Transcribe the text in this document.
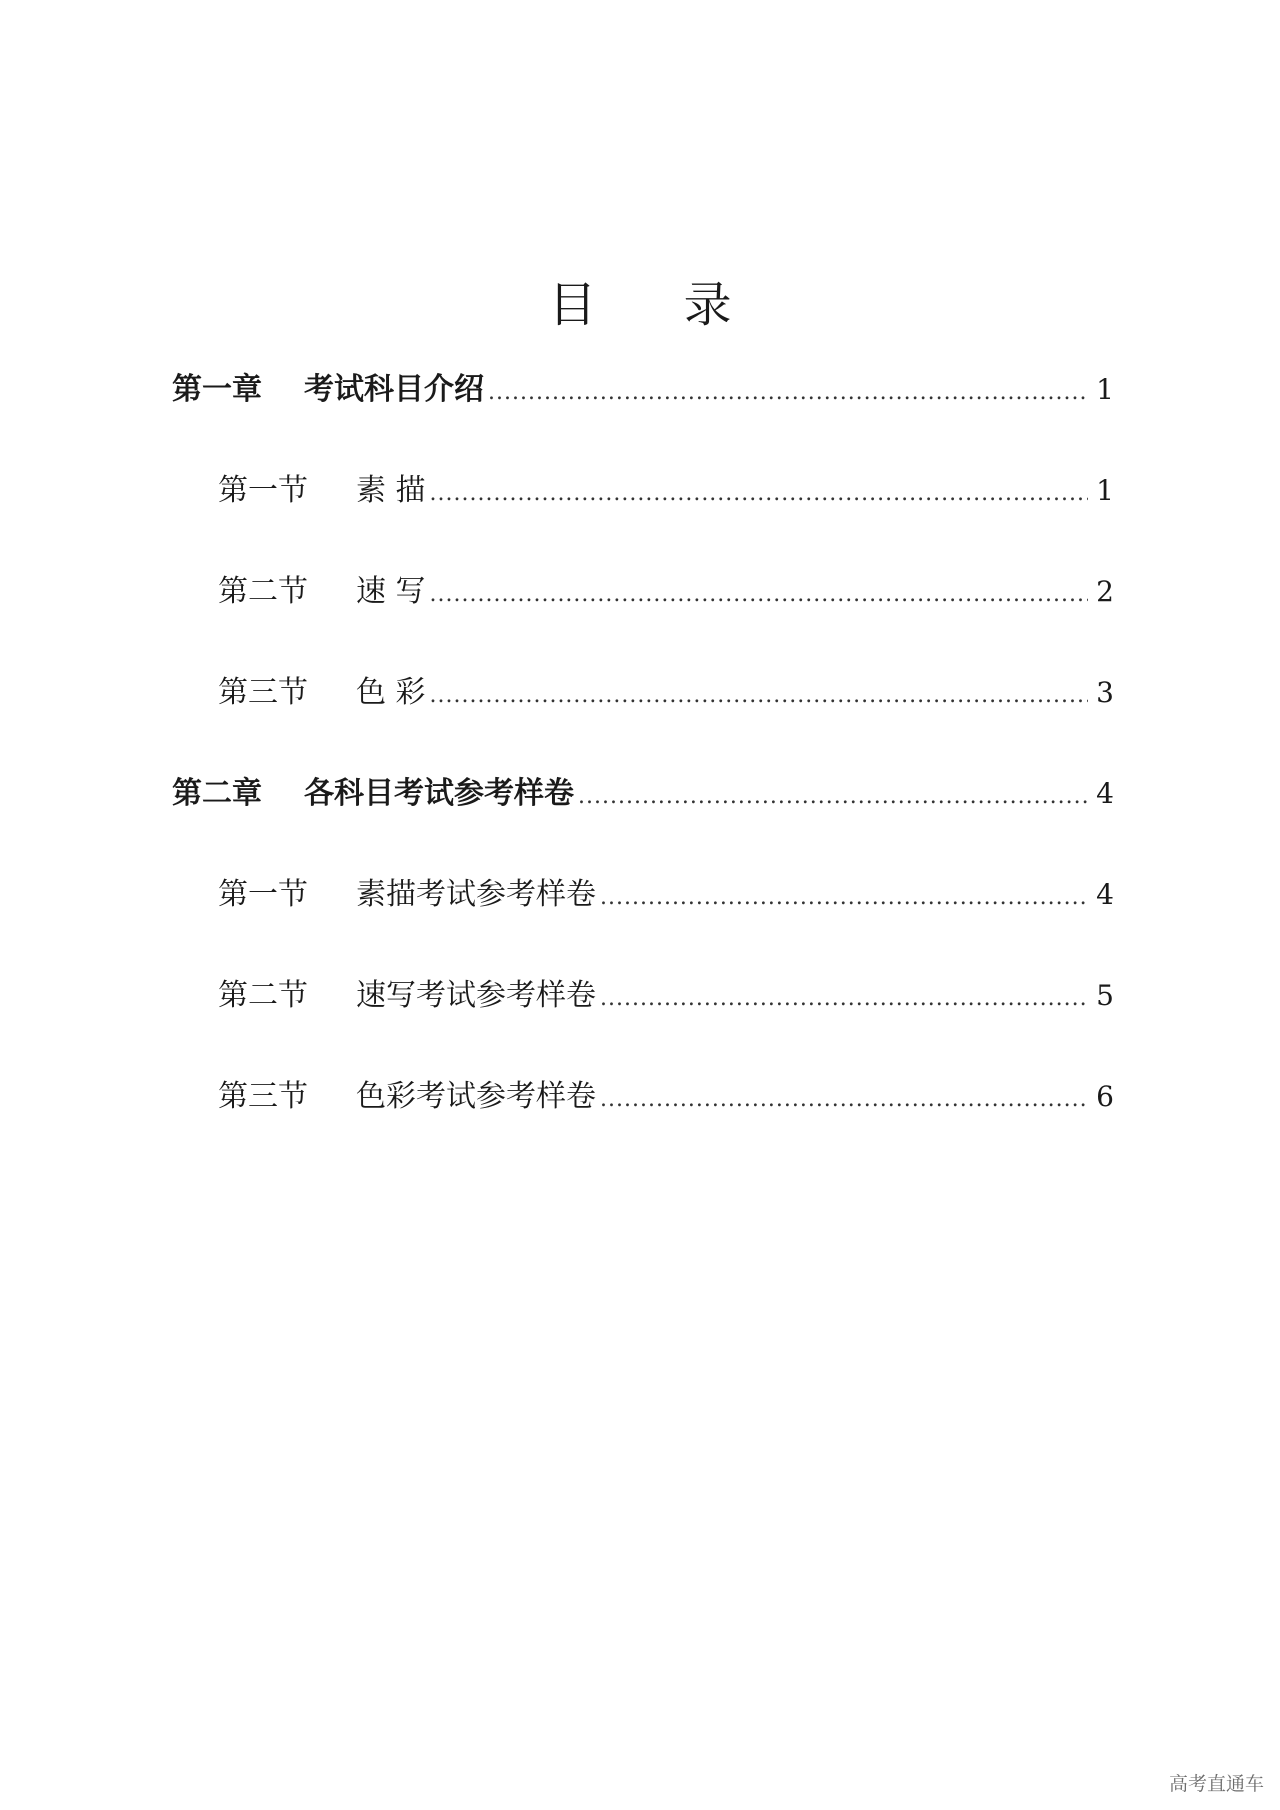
目 录
第一章	考试科目介绍 .....	1
第一节	素 描 .....	1
第二节	速 写 .....	2
第三节	色 彩 .....	3
第二章	各科目考试参考样卷 .....	4
第一节	素描考试参考样卷 .....	4
第二节	速写考试参考样卷 .....	5
第三节	色彩考试参考样卷 .....	6

高考直通车
